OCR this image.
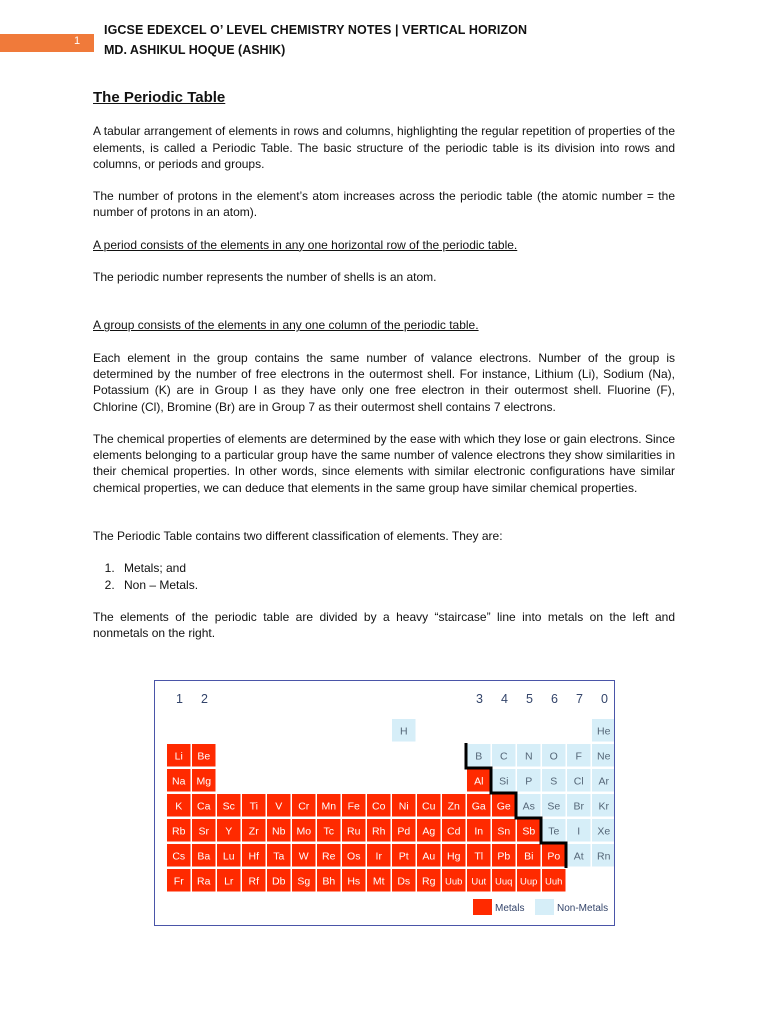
1
IGCSE EDEXCEL O’ LEVEL CHEMISTRY NOTES | VERTICAL HORIZON
MD. ASHIKUL HOQUE (ASHIK)
The Periodic Table

A tabular arrangement of elements in rows and columns, highlighting the regular repetition of properties of the elements, is called a Periodic Table. The basic structure of the periodic table is its division into rows and columns, or periods and groups.

The number of protons in the element’s atom increases across the periodic table (the atomic number = the number of protons in an atom).

A period consists of the elements in any one horizontal row of the periodic table.

The periodic number represents the number of shells is an atom.

A group consists of the elements in any one column of the periodic table.

Each element in the group contains the same number of valance electrons. Number of the group is determined by the number of free electrons in the outermost shell. For instance, Lithium (Li), Sodium (Na), Potassium (K) are in Group I as they have only one free electron in their outermost shell. Fluorine (F), Chlorine (Cl), Bromine (Br) are in Group 7 as their outermost shell contains 7 electrons.

The chemical properties of elements are determined by the ease with which they lose or gain electrons. Since elements belonging to a particular group have the same number of valence electrons they show similarities in their chemical properties. In other words, since elements with similar electronic configurations have similar chemical properties, we can deduce that elements in the same group have similar chemical properties.

The Periodic Table contains two different classification of elements. They are:

1. Metals; and
2. Non – Metals.

The elements of the periodic table are divided by a heavy “staircase” line into metals on the left and nonmetals on the right.

1 2	3 4 5 6 7 0
H	He
Li Be	B C N O F Ne
Na Mg	Al Si P S Cl Ar
K Ca Sc Ti V Cr Mn Fe Co Ni Cu Zn Ga Ge As Se Br Kr
Rb Sr Y Zr Nb Mo Tc Ru Rh Pd Ag Cd In Sn Sb Te I Xe
Cs Ba Lu Hf Ta W Re Os Ir Pt Au Hg Tl Pb Bi Po At Rn
Fr Ra Lr Rf Db Sg Bh Hs Mt Ds Rg Uub Uut Uuq Uup Uuh
Metals	Non-Metals
